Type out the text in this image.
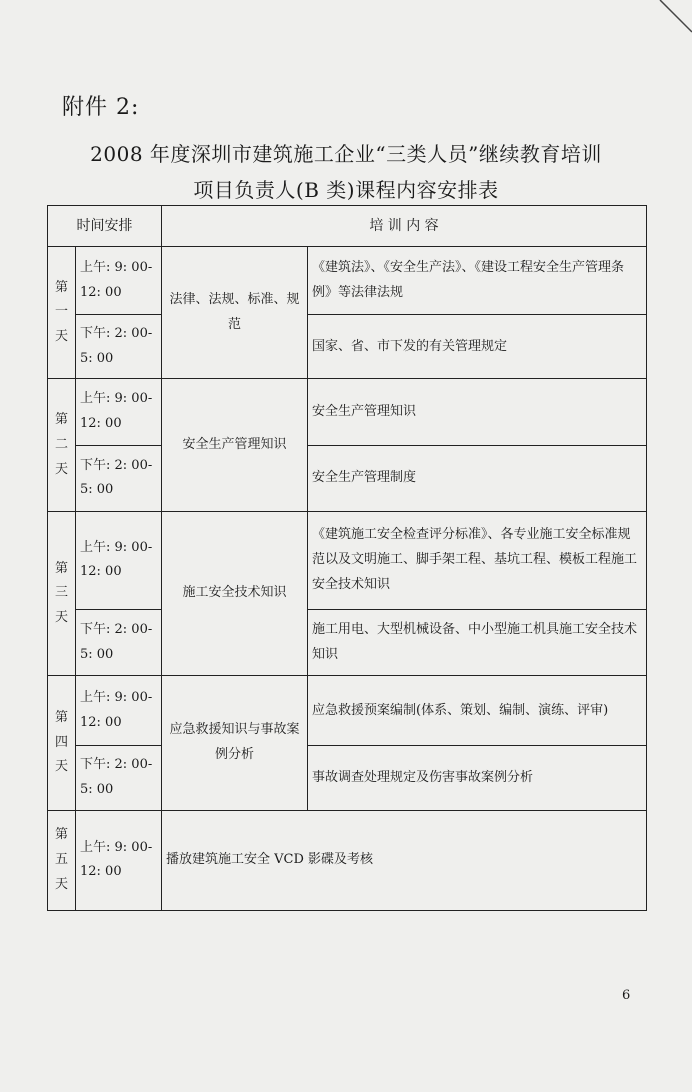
附件 2:
2008 年度深圳市建筑施工企业“三类人员”继续教育培训
项目负责人(B 类)课程内容安排表
时间安排		培 训 内 容	
第
一
天	上午: 9: 00-12: 00	法律、法规、标准、规范	《建筑法》、《安全生产法》、《建设工程安全生产管理条例》等法律法规
	下午: 2: 00-5: 00		国家、省、市下发的有关管理规定
第
二
天	上午: 9: 00-12: 00	安全生产管理知识	安全生产管理知识
	下午: 2: 00-5: 00		安全生产管理制度
第
三
天	上午: 9: 00-12: 00	施工安全技术知识	《建筑施工安全检查评分标准》、各专业施工安全标准规范以及文明施工、脚手架工程、基坑工程、模板工程施工安全技术知识
	下午: 2: 00-5: 00		施工用电、大型机械设备、中小型施工机具施工安全技术知识
第
四
天	上午: 9: 00-12: 00	应急救援知识与事故案例分析	应急救援预案编制(体系、策划、编制、演练、评审)
	下午: 2: 00-5: 00		事故调查处理规定及伤害事故案例分析
第
五
天	上午: 9: 00-12: 00	播放建筑施工安全 VCD 影碟及考核	
6
